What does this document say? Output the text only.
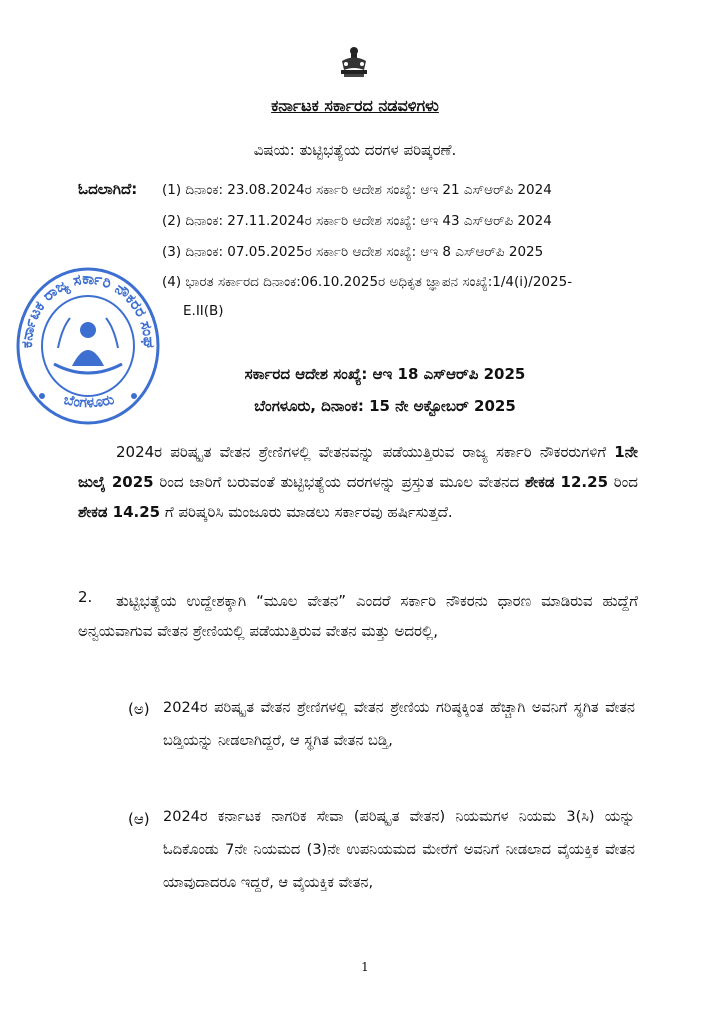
ಕರ್ನಾಟಕ ಸರ್ಕಾರದ ನಡವಳಿಗಳು
ವಿಷಯ: ತುಟ್ಟಿಭತ್ಯೆಯ ದರಗಳ ಪರಿಷ್ಕರಣೆ.
ಓದಲಾಗಿದೆ: (1) ದಿನಾಂಕ: 23.08.2024ರ ಸರ್ಕಾರಿ ಆದೇಶ ಸಂಖ್ಯೆ: ಆಇ 21 ಎಸ್‌ಆರ್‌ಪಿ 2024
(2) ದಿನಾಂಕ: 27.11.2024ರ ಸರ್ಕಾರಿ ಆದೇಶ ಸಂಖ್ಯೆ: ಆಇ 43 ಎಸ್‌ಆರ್‌ಪಿ 2024
(3) ದಿನಾಂಕ: 07.05.2025ರ ಸರ್ಕಾರಿ ಆದೇಶ ಸಂಖ್ಯೆ: ಆಇ 8 ಎಸ್‌ಆರ್‌ಪಿ 2025
(4) ಭಾರತ ಸರ್ಕಾರದ ದಿನಾಂಕ:06.10.2025ರ ಅಧಿಕೃತ ಜ್ಞಾಪನ ಸಂಖ್ಯೆ:1/4(i)/2025-
E.II(B)
ಕರ್ನಾಟಕ ರಾಜ್ಯ ಸರ್ಕಾರಿ ನೌಕರರ ಸಂಘ
ಬೆಂಗಳೂರು
ಸರ್ಕಾರದ ಆದೇಶ ಸಂಖ್ಯೆ: ಆಇ 18 ಎಸ್‌ಆರ್‌ಪಿ 2025
ಬೆಂಗಳೂರು, ದಿನಾಂಕ: 15 ನೇ ಅಕ್ಟೋಬರ್ 2025
2024ರ ಪರಿಷ್ಕೃತ ವೇತನ ಶ್ರೇಣಿಗಳಲ್ಲಿ ವೇತನವನ್ನು ಪಡೆಯುತ್ತಿರುವ ರಾಜ್ಯ ಸರ್ಕಾರಿ ನೌಕರರುಗಳಿಗೆ 1ನೇ ಜುಲೈ 2025 ರಿಂದ ಜಾರಿಗೆ ಬರುವಂತೆ ತುಟ್ಟಿಭತ್ಯೆಯ ದರಗಳನ್ನು ಪ್ರಸ್ತುತ ಮೂಲ ವೇತನದ ಶೇಕಡ 12.25 ರಿಂದ ಶೇಕಡ 14.25 ಗೆ ಪರಿಷ್ಕರಿಸಿ ಮಂಜೂರು ಮಾಡಲು ಸರ್ಕಾರವು ಹರ್ಷಿಸುತ್ತದೆ.
2.	ತುಟ್ಟಿಭತ್ಯೆಯ ಉದ್ದೇಶಕ್ಕಾಗಿ “ಮೂಲ ವೇತನ” ಎಂದರೆ ಸರ್ಕಾರಿ ನೌಕರನು ಧಾರಣ ಮಾಡಿರುವ ಹುದ್ದೆಗೆ ಅನ್ವಯವಾಗುವ ವೇತನ ಶ್ರೇಣಿಯಲ್ಲಿ ಪಡೆಯುತ್ತಿರುವ ವೇತನ ಮತ್ತು ಅದರಲ್ಲಿ,
(ಅ) 2024ರ ಪರಿಷ್ಕೃತ ವೇತನ ಶ್ರೇಣಿಗಳಲ್ಲಿ ವೇತನ ಶ್ರೇಣಿಯ ಗರಿಷ್ಠಕ್ಕಿಂತ ಹೆಚ್ಚಾಗಿ ಅವನಿಗೆ ಸ್ಥಗಿತ ವೇತನ ಬಡ್ತಿಯನ್ನು ನೀಡಲಾಗಿದ್ದರೆ, ಆ ಸ್ಥಗಿತ ವೇತನ ಬಡ್ತಿ,
(ಆ) 2024ರ ಕರ್ನಾಟಕ ನಾಗರಿಕ ಸೇವಾ (ಪರಿಷ್ಕೃತ ವೇತನ) ನಿಯಮಗಳ ನಿಯಮ 3(ಸಿ) ಯನ್ನು ಓದಿಕೊಂಡು 7ನೇ ನಿಯಮದ (3)ನೇ ಉಪನಿಯಮದ ಮೇರೆಗೆ ಅವನಿಗೆ ನೀಡಲಾದ ವೈಯಕ್ತಿಕ ವೇತನ ಯಾವುದಾದರೂ ಇದ್ದರೆ, ಆ ವೈಯಕ್ತಿಕ ವೇತನ,
1
